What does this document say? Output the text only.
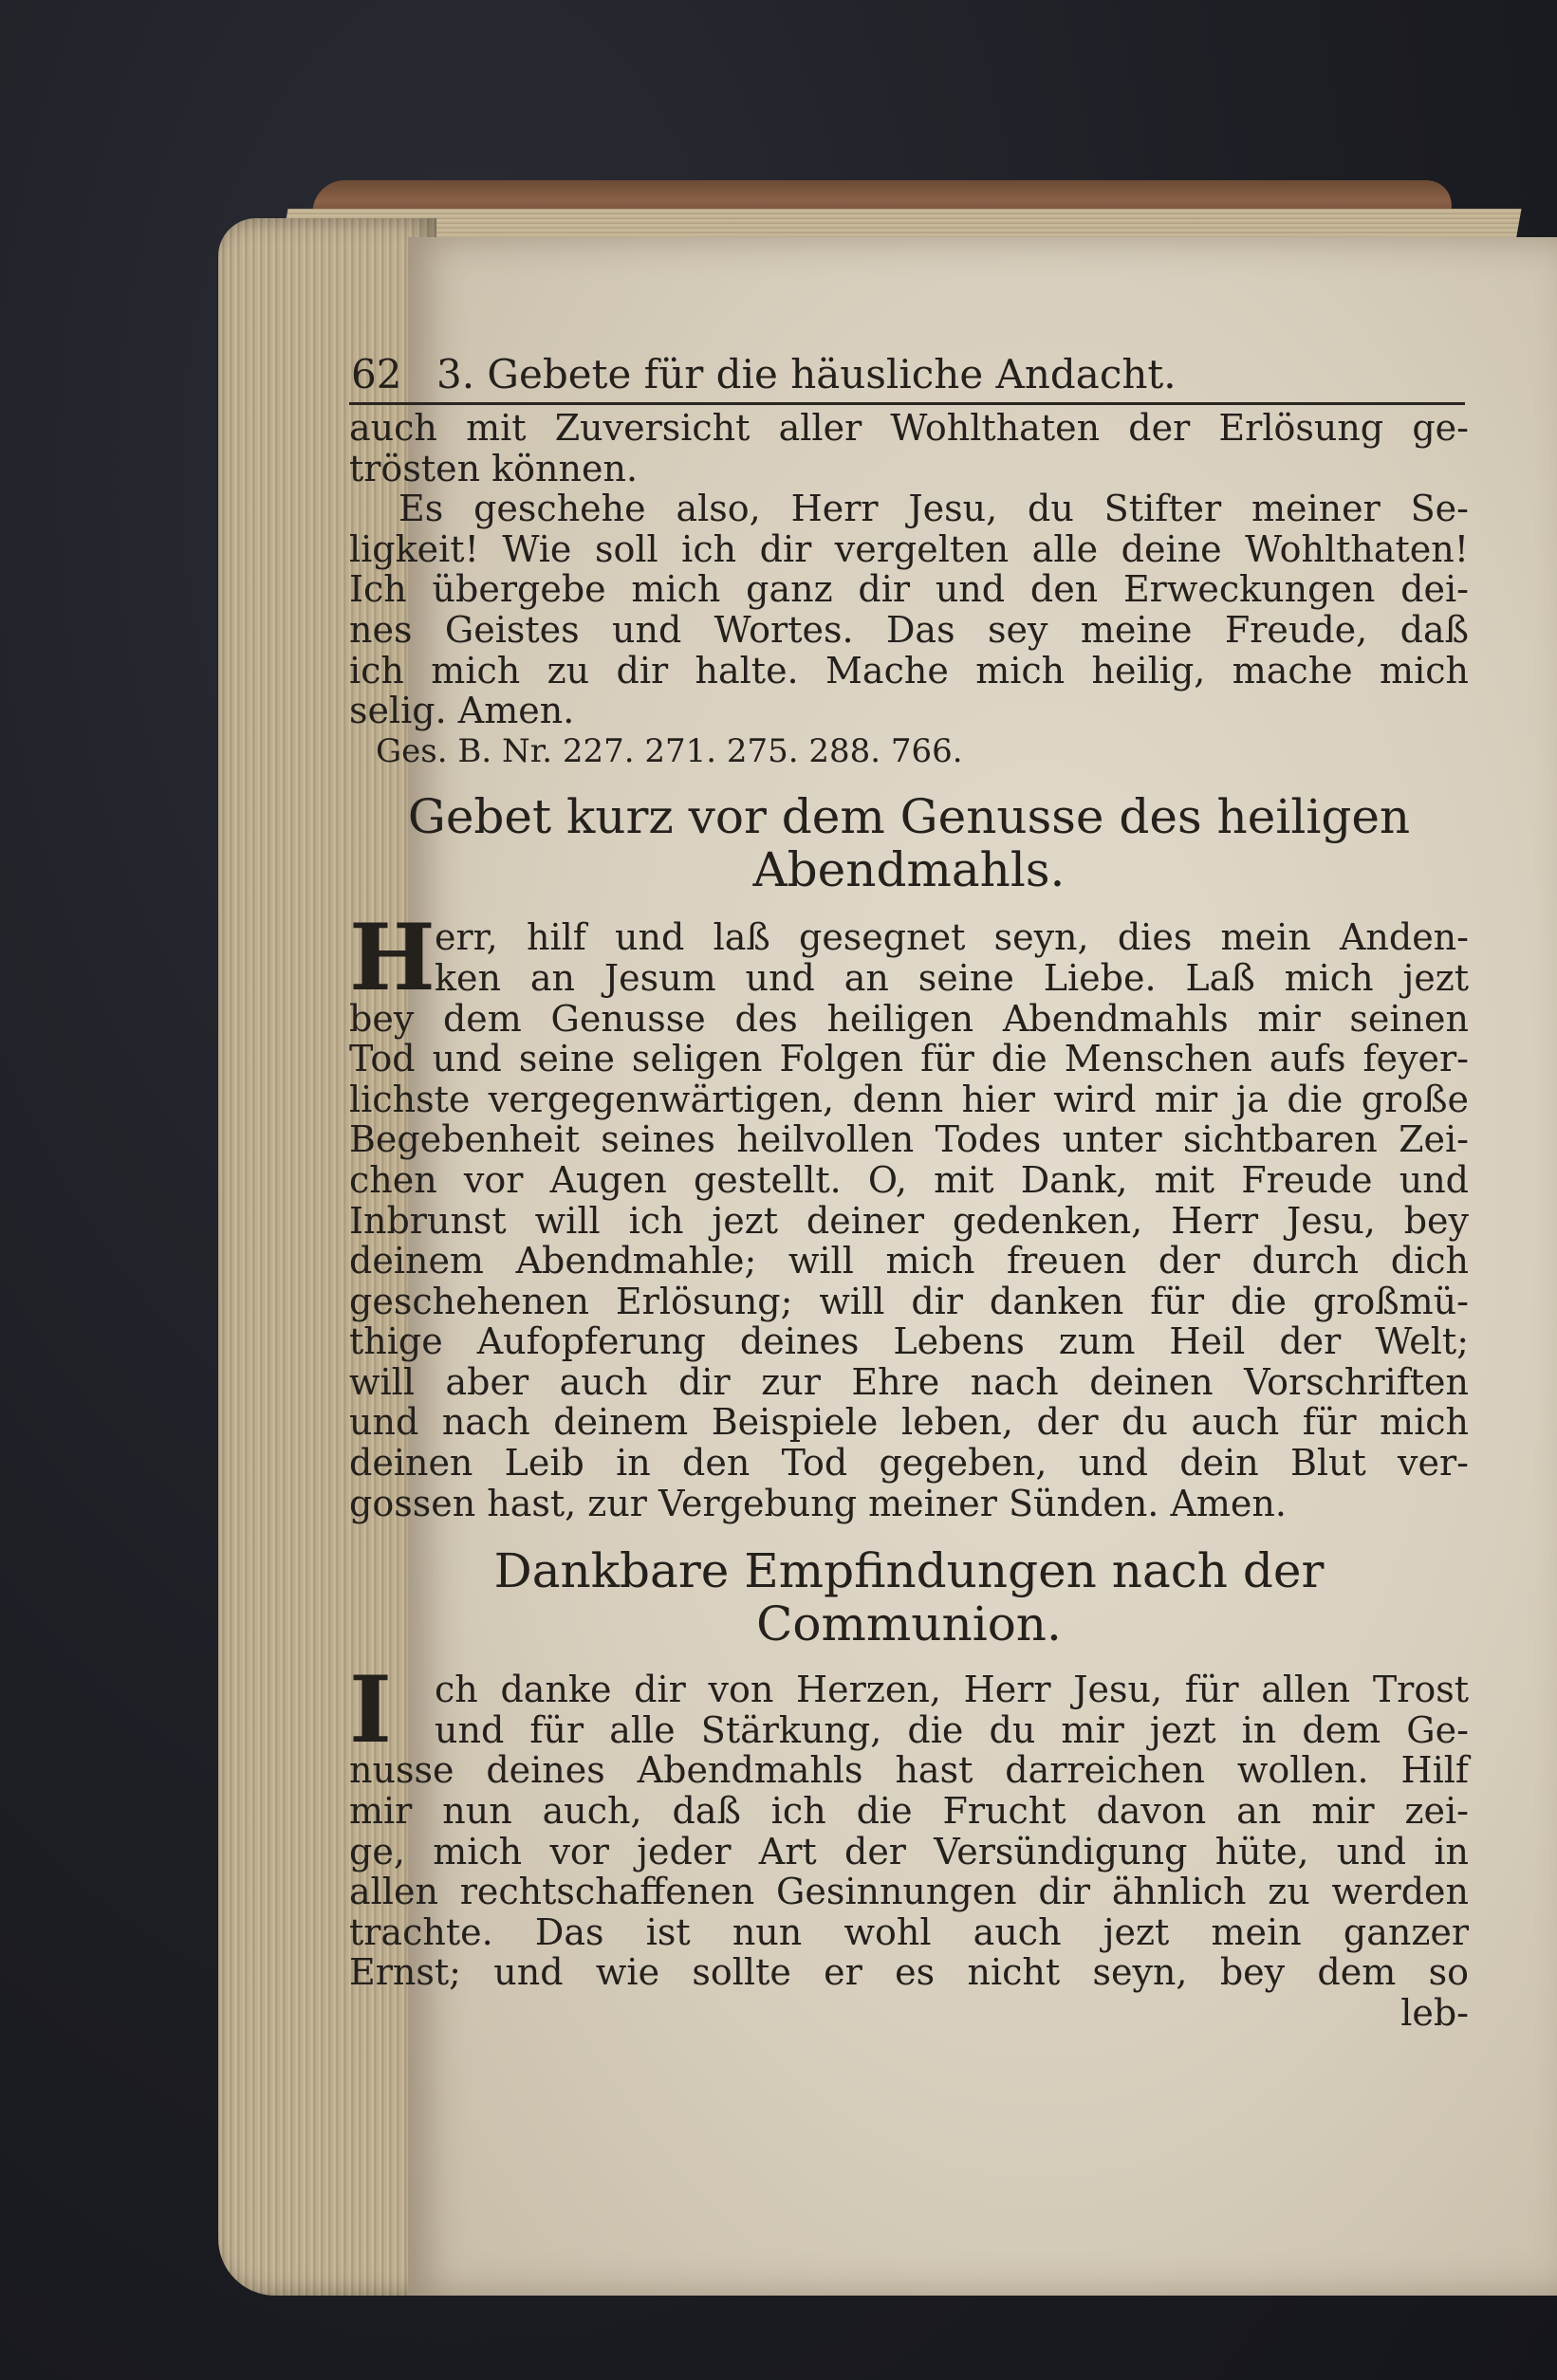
62 3. Gebete für die häusliche Andacht.
auch mit Zuversicht aller Wohlthaten der Erlösung ge-
trösten können.
Es geschehe also, Herr Jesu, du Stifter meiner Se-
ligkeit! Wie soll ich dir vergelten alle deine Wohlthaten!
Ich übergebe mich ganz dir und den Erweckungen dei-
nes Geistes und Wortes. Das sey meine Freude, daß
ich mich zu dir halte. Mache mich heilig, mache mich
selig. Amen.
Ges. B. Nr. 227. 271. 275. 288. 766.
Gebet kurz vor dem Genusse des heiligen
Abendmahls.
H err, hilf und laß gesegnet seyn, dies mein Anden-
ken an Jesum und an seine Liebe. Laß mich jezt
bey dem Genusse des heiligen Abendmahls mir seinen
Tod und seine seligen Folgen für die Menschen aufs feyer-
lichste vergegenwärtigen, denn hier wird mir ja die große
Begebenheit seines heilvollen Todes unter sichtbaren Zei-
chen vor Augen gestellt. O, mit Dank, mit Freude und
Inbrunst will ich jezt deiner gedenken, Herr Jesu, bey
deinem Abendmahle; will mich freuen der durch dich
geschehenen Erlösung; will dir danken für die großmü-
thige Aufopferung deines Lebens zum Heil der Welt;
will aber auch dir zur Ehre nach deinen Vorschriften
und nach deinem Beispiele leben, der du auch für mich
deinen Leib in den Tod gegeben, und dein Blut ver-
gossen hast, zur Vergebung meiner Sünden. Amen.
Dankbare Empfindungen nach der
Communion.
I	ch danke dir von Herzen, Herr Jesu, für allen Trost
und für alle Stärkung, die du mir jezt in dem Ge-
nusse deines Abendmahls hast darreichen wollen. Hilf
mir nun auch, daß ich die Frucht davon an mir zei-
ge, mich vor jeder Art der Versündigung hüte, und in
allen rechtschaffenen Gesinnungen dir ähnlich zu werden
trachte. Das ist nun wohl auch jezt mein ganzer
Ernst; und wie sollte er es nicht seyn, bey dem so
leb-
